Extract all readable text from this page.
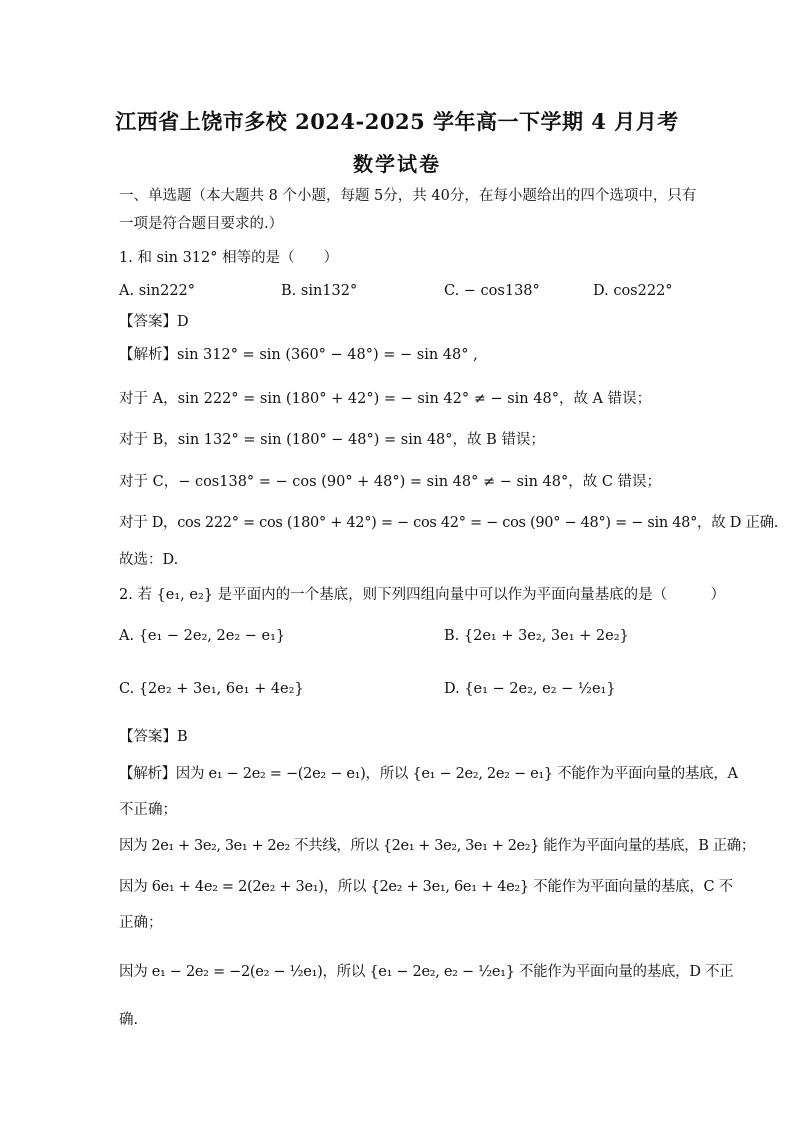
江西省上饶市多校 2024-2025 学年高一下学期 4 月月考
数学试卷
一、单选题（本大题共 8 个小题，每题 5分，共 40分，在每小题给出的四个选项中，只有
一项是符合题目要求的.）
1. 和 sin 312° 相等的是（　　）
A. sin222°	B. sin132°	C. − cos138°	D. cos222°
【答案】D
【解析】sin 312° = sin (360° − 48°) = − sin 48° ,
对于 A，sin 222° = sin (180° + 42°) = − sin 42° ≠ − sin 48°，故 A 错误；
对于 B，sin 132° = sin (180° − 48°) = sin 48°，故 B 错误；
对于 C，− cos138° = − cos (90° + 48°) = sin 48° ≠ − sin 48°，故 C 错误；
对于 D，cos 222° = cos (180° + 42°) = − cos 42° = − cos (90° − 48°) = − sin 48°，故 D 正确.
故选：D.
2. 若 {e₁, e₂} 是平面内的一个基底，则下列四组向量中可以作为平面向量基底的是（　　　）
A. {e₁ − 2e₂, 2e₂ − e₁}	B. {2e₁ + 3e₂, 3e₁ + 2e₂}
C. {2e₂ + 3e₁, 6e₁ + 4e₂}	D. {e₁ − 2e₂, e₂ − ½e₁}
【答案】B
【解析】因为 e₁ − 2e₂ = −(2e₂ − e₁)，所以 {e₁ − 2e₂, 2e₂ − e₁} 不能作为平面向量的基底，A
不正确；
因为 2e₁ + 3e₂, 3e₁ + 2e₂ 不共线，所以 {2e₁ + 3e₂, 3e₁ + 2e₂} 能作为平面向量的基底，B 正确；
因为 6e₁ + 4e₂ = 2(2e₂ + 3e₁)，所以 {2e₂ + 3e₁, 6e₁ + 4e₂} 不能作为平面向量的基底，C 不
正确；
因为 e₁ − 2e₂ = −2(e₂ − ½e₁)，所以 {e₁ − 2e₂, e₂ − ½e₁} 不能作为平面向量的基底，D 不正
确.
